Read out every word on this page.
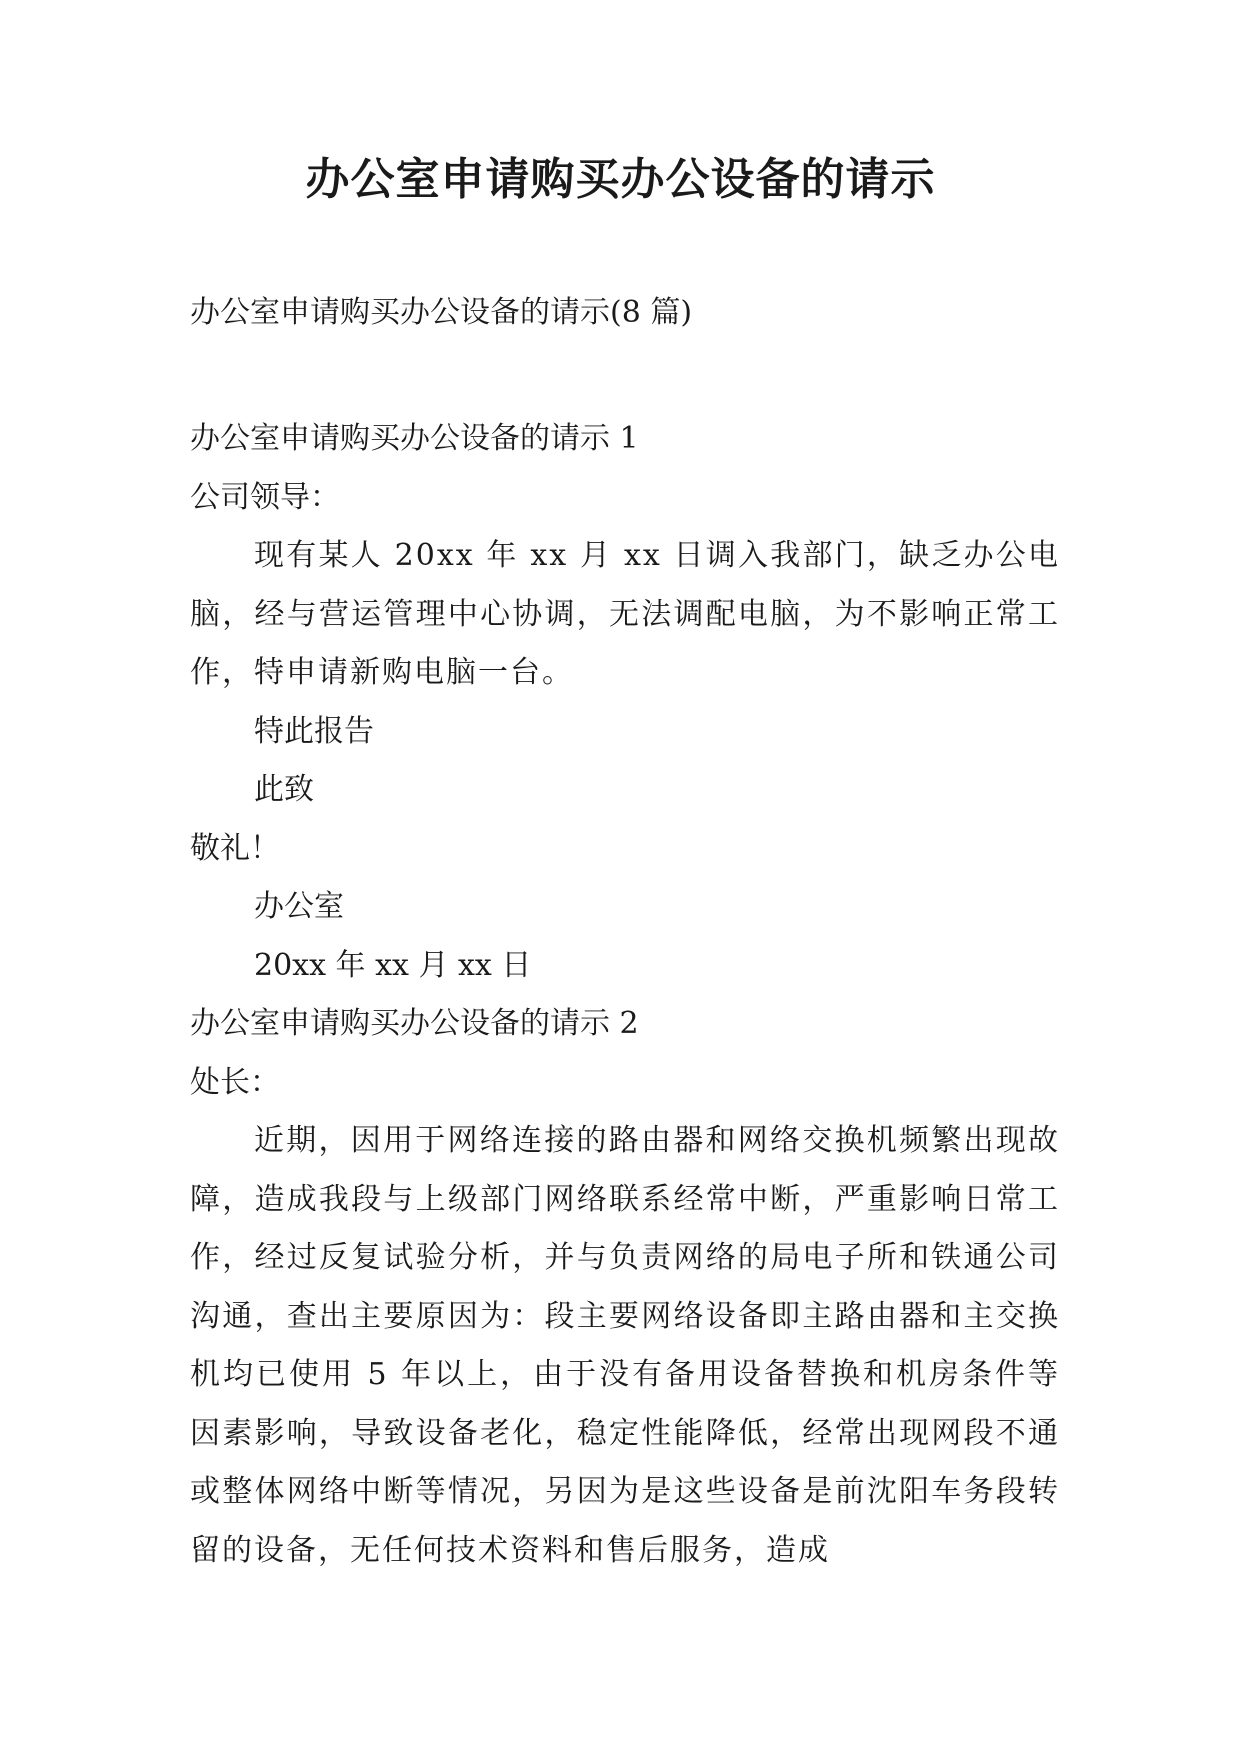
办公室申请购买办公设备的请示

办公室申请购买办公设备的请示(8 篇)

办公室申请购买办公设备的请示 1

公司领导：

现有某人 20xx 年 xx 月 xx 日调入我部门，缺乏办公电脑，经与营运管理中心协调，无法调配电脑，为不影响正常工作，特申请新购电脑一台。

特此报告

此致

敬礼！

办公室

20xx 年 xx 月 xx 日

办公室申请购买办公设备的请示 2

处长：

近期，因用于网络连接的路由器和网络交换机频繁出现故障，造成我段与上级部门网络联系经常中断，严重影响日常工作，经过反复试验分析，并与负责网络的局电子所和铁通公司沟通，查出主要原因为：段主要网络设备即主路由器和主交换机均已使用 5 年以上，由于没有备用设备替换和机房条件等因素影响，导致设备老化，稳定性能降低，经常出现网段不通或整体网络中断等情况，另因为是这些设备是前沈阳车务段转留的设备，无任何技术资料和售后服务，造成
